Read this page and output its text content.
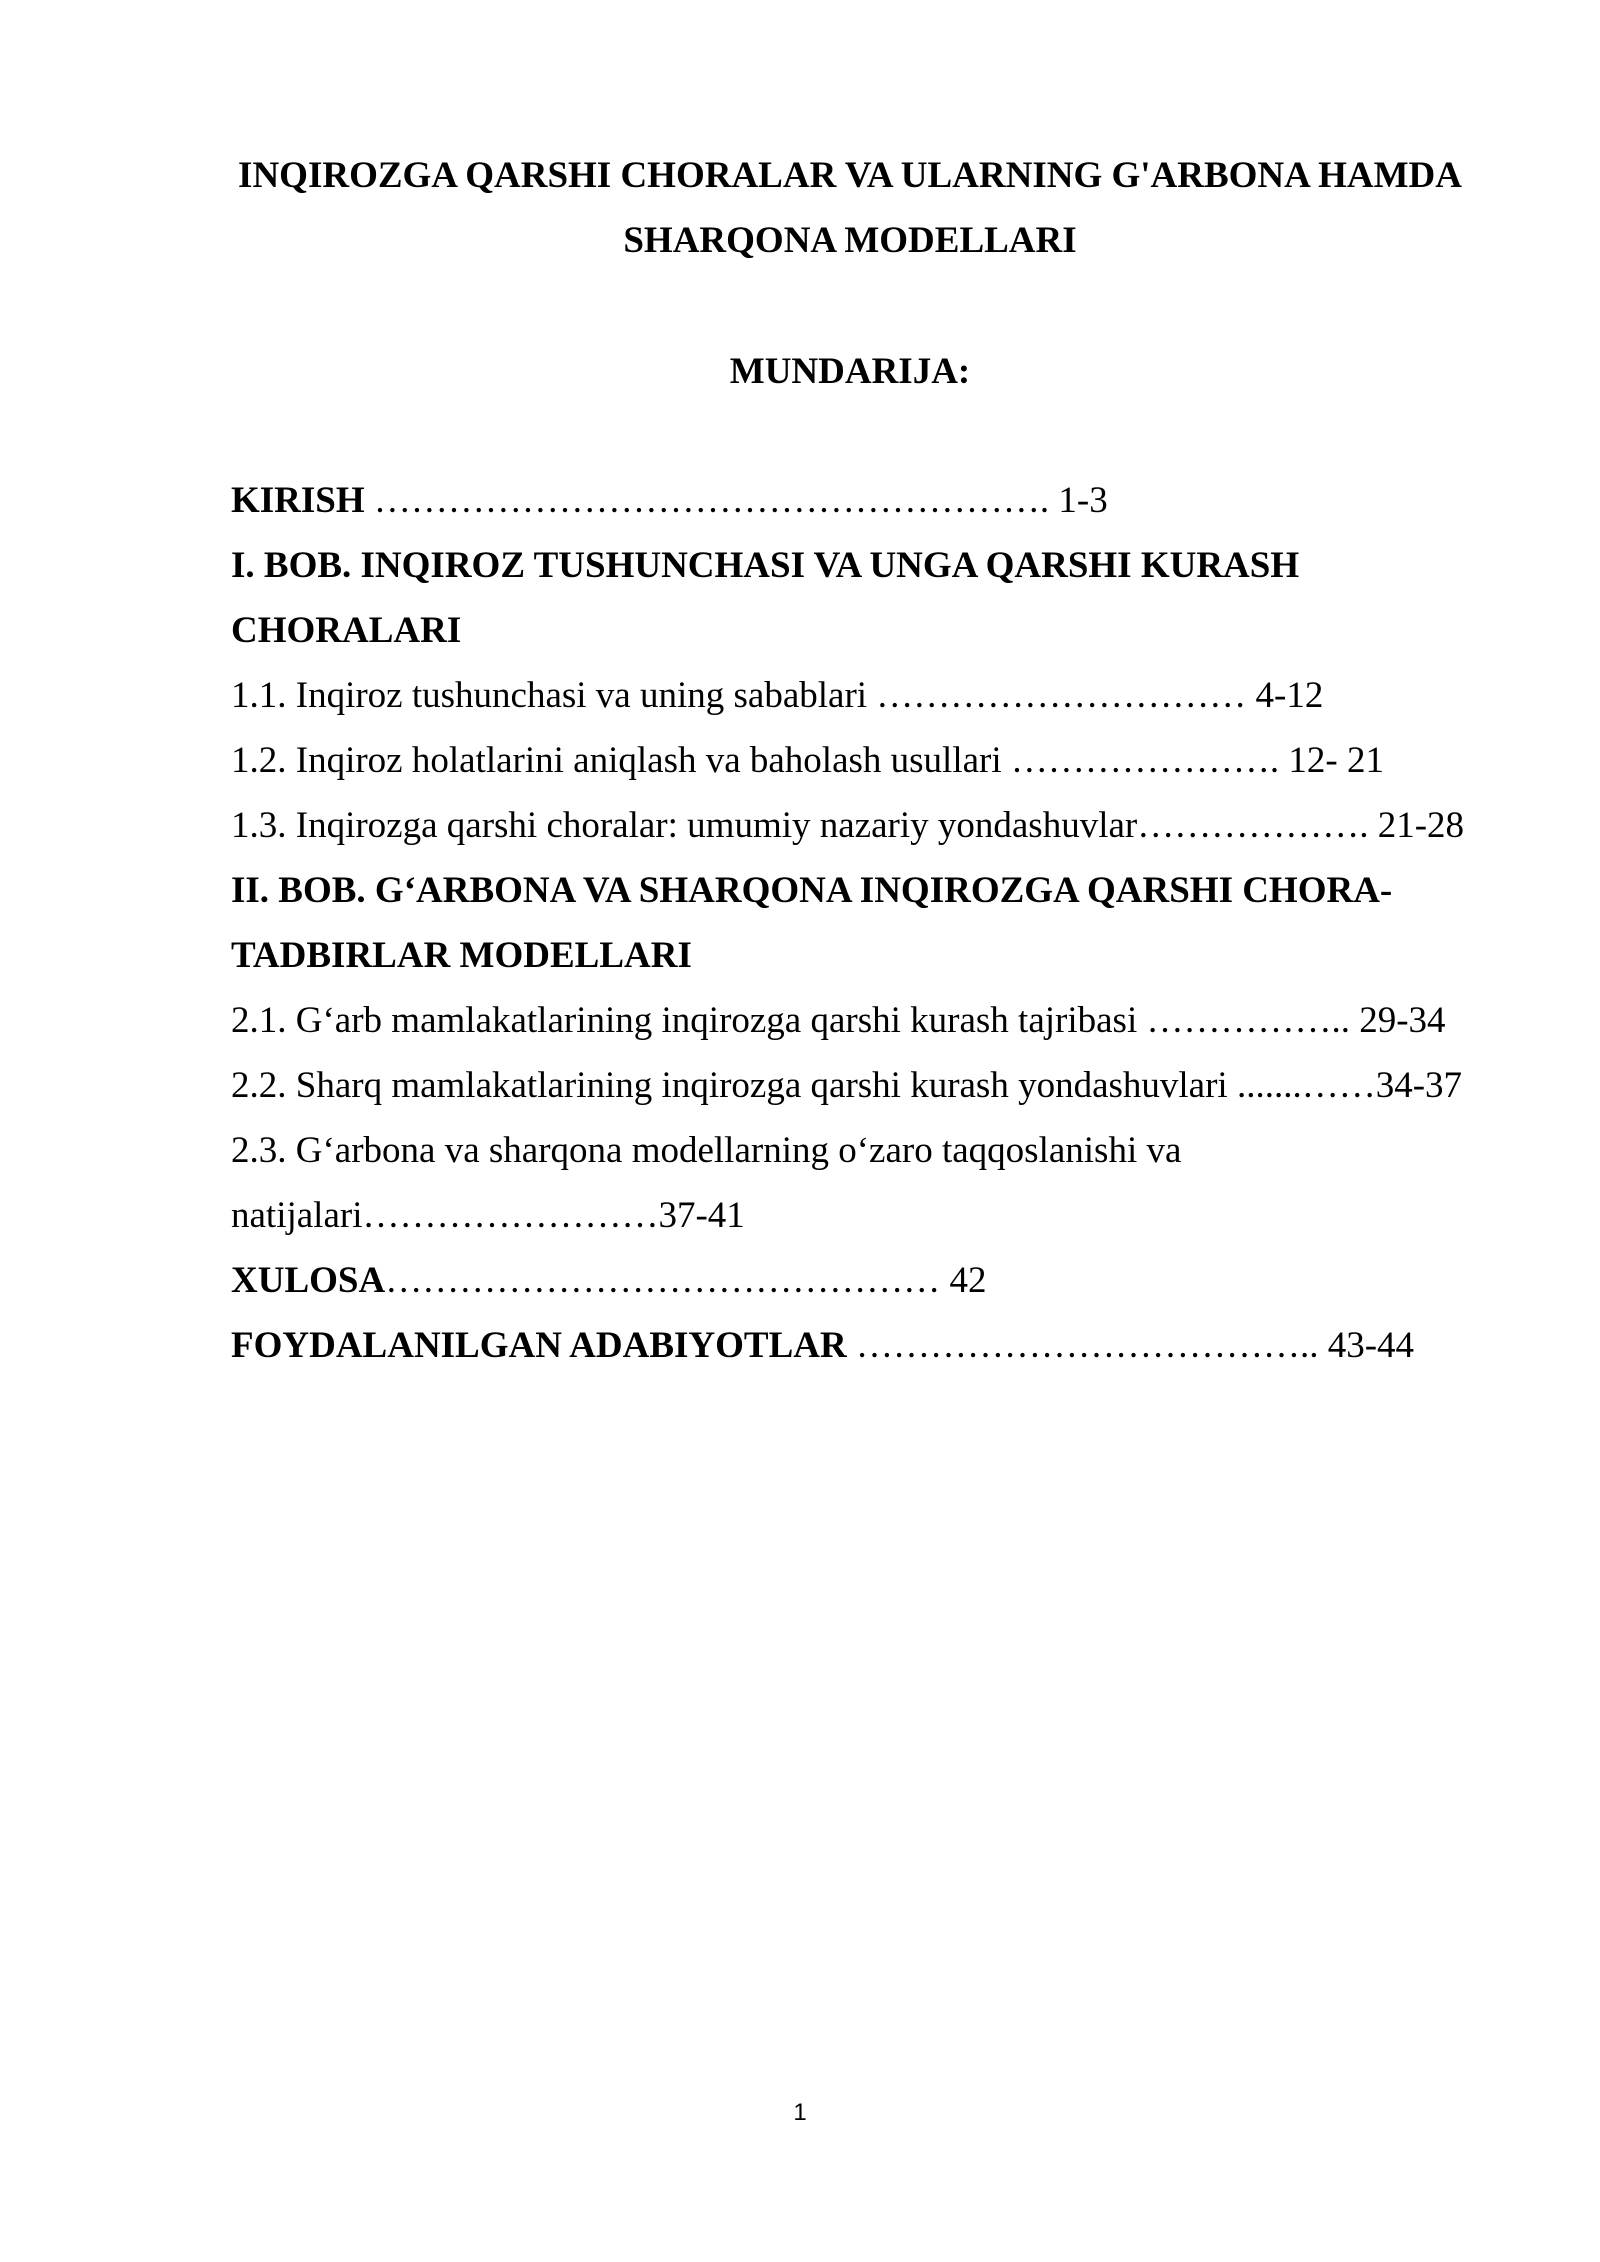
INQIROZGA QARSHI CHORALAR VA ULARNING G'ARBONA HAMDA
SHARQONA MODELLARI
MUNDARIJA:
KIRISH ………………………………………………. 1-3
I. BOB. INQIROZ TUSHUNCHASI VA UNGA QARSHI KURASH
CHORALARI
1.1. Inqiroz tushunchasi va uning sabablari ………………………… 4-12
1.2. Inqiroz holatlarini aniqlash va baholash usullari …………………. 12- 21
1.3. Inqirozga qarshi choralar: umumiy nazariy yondashuvlar………………. 21-28
II. BOB. G‘ARBONA VA SHARQONA INQIROZGA QARSHI CHORA-
TADBIRLAR MODELLARI
2.1. G‘arb mamlakatlarining inqirozga qarshi kurash tajribasi …………….. 29-34
2.2. Sharq mamlakatlarining inqirozga qarshi kurash yondashuvlari .......……34-37
2.3. G‘arbona va sharqona modellarning o‘zaro taqqoslanishi va
natijalari……………………37-41
XULOSA……………………………………… 42
FOYDALANILGAN ADABIYOTLAR ……………………………….. 43-44
1
